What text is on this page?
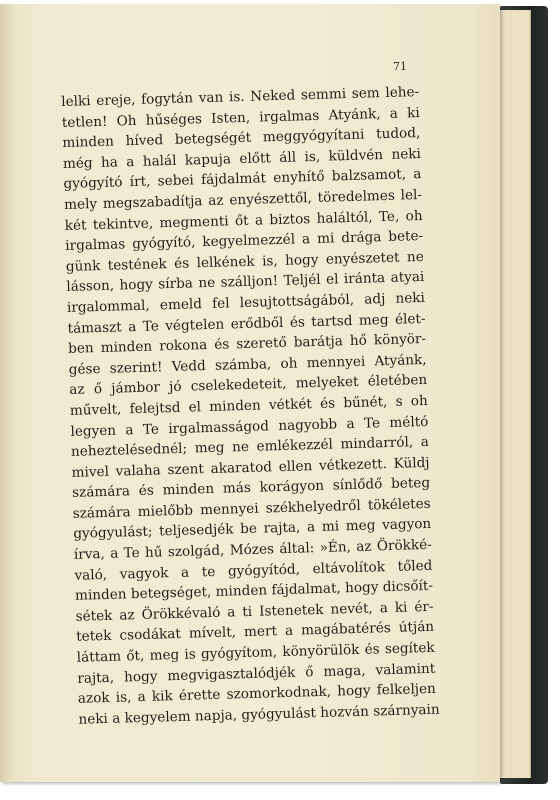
71
lelki ereje, fogytán van is. Neked semmi sem lehe-
tetlen! Oh hűséges Isten, irgalmas Atyánk, a ki
minden híved betegségét meggyógyítani tudod,
még ha a halál kapuja előtt áll is, küldvén neki
gyógyító írt, sebei fájdalmát enyhítő balzsamot, a
mely megszabadítja az enyészettől, töredelmes lel-
két tekintve, megmenti őt a biztos haláltól, Te, oh
irgalmas gyógyító, kegyelmezzél a mi drága bete-
günk testének és lelkének is, hogy enyészetet ne
lásson, hogy sírba ne szálljon! Teljél el iránta atyai
irgalommal, emeld fel lesujtottságából, adj neki
támaszt a Te végtelen erődből és tartsd meg élet-
ben minden rokona és szerető barátja hő könyör-
gése szerint! Vedd számba, oh mennyei Atyánk,
az ő jámbor jó cselekedeteit, melyeket életében
művelt, felejtsd el minden vétkét és bűnét, s oh
legyen a Te irgalmasságod nagyobb a Te méltó
neheztelésednél; meg ne emlékezzél mindarról, a
mivel valaha szent akaratod ellen vétkezett. Küldj
számára és minden más korágyon sínlődő beteg
számára mielőbb mennyei székhelyedről tökéletes
gyógyulást; teljesedjék be rajta, a mi meg vagyon
írva, a Te hű szolgád, Mózes által: »Én, az Örökké-
való, vagyok a te gyógyítód, eltávolítok tőled
minden betegséget, minden fájdalmat, hogy dicsőít-
sétek az Örökkévaló a ti Istenetek nevét, a ki ér-
tetek csodákat mívelt, mert a magábatérés útján
láttam őt, meg is gyógyítom, könyörülök és segítek
rajta, hogy megvigasztalódjék ő maga, valamint
azok is, a kik érette szomorkodnak, hogy felkeljen
neki a kegyelem napja, gyógyulást hozván szárnyain
